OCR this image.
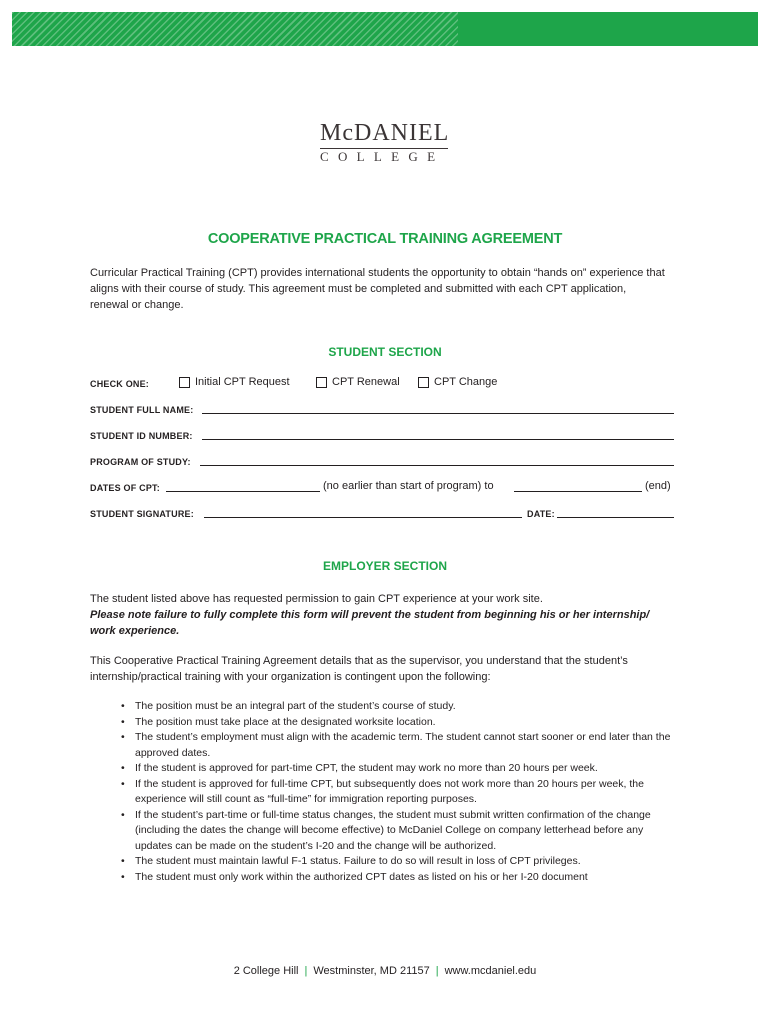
McDANIEL
COLLEGE
COOPERATIVE PRACTICAL TRAINING AGREEMENT
Curricular Practical Training (CPT) provides international students the opportunity to obtain “hands on” experience that aligns with their course of study. This agreement must be completed and submitted with each CPT application, renewal or change.
STUDENT SECTION
CHECK ONE:	Initial CPT Request	CPT Renewal	CPT Change
STUDENT FULL NAME:
STUDENT ID NUMBER:
PROGRAM OF STUDY:
DATES OF CPT:	(no earlier than start of program) to	(end)
STUDENT SIGNATURE:	DATE:
EMPLOYER SECTION
The student listed above has requested permission to gain CPT experience at your work site.
Please note failure to fully complete this form will prevent the student from beginning his or her internship/ work experience.
This Cooperative Practical Training Agreement details that as the supervisor, you understand that the student’s internship/practical training with your organization is contingent upon the following:
• The position must be an integral part of the student’s course of study.
• The position must take place at the designated worksite location.
• The student’s employment must align with the academic term. The student cannot start sooner or end later than the approved dates.
• If the student is approved for part-time CPT, the student may work no more than 20 hours per week.
• If the student is approved for full-time CPT, but subsequently does not work more than 20 hours per week, the experience will still count as “full-time” for immigration reporting purposes.
• If the student’s part-time or full-time status changes, the student must submit written confirmation of the change (including the dates the change will become effective) to McDaniel College on company letterhead before any updates can be made on the student’s I-20 and the change will be authorized.
• The student must maintain lawful F-1 status. Failure to do so will result in loss of CPT privileges.
• The student must only work within the authorized CPT dates as listed on his or her I-20 document
2 College Hill | Westminster, MD 21157 | www.mcdaniel.edu
